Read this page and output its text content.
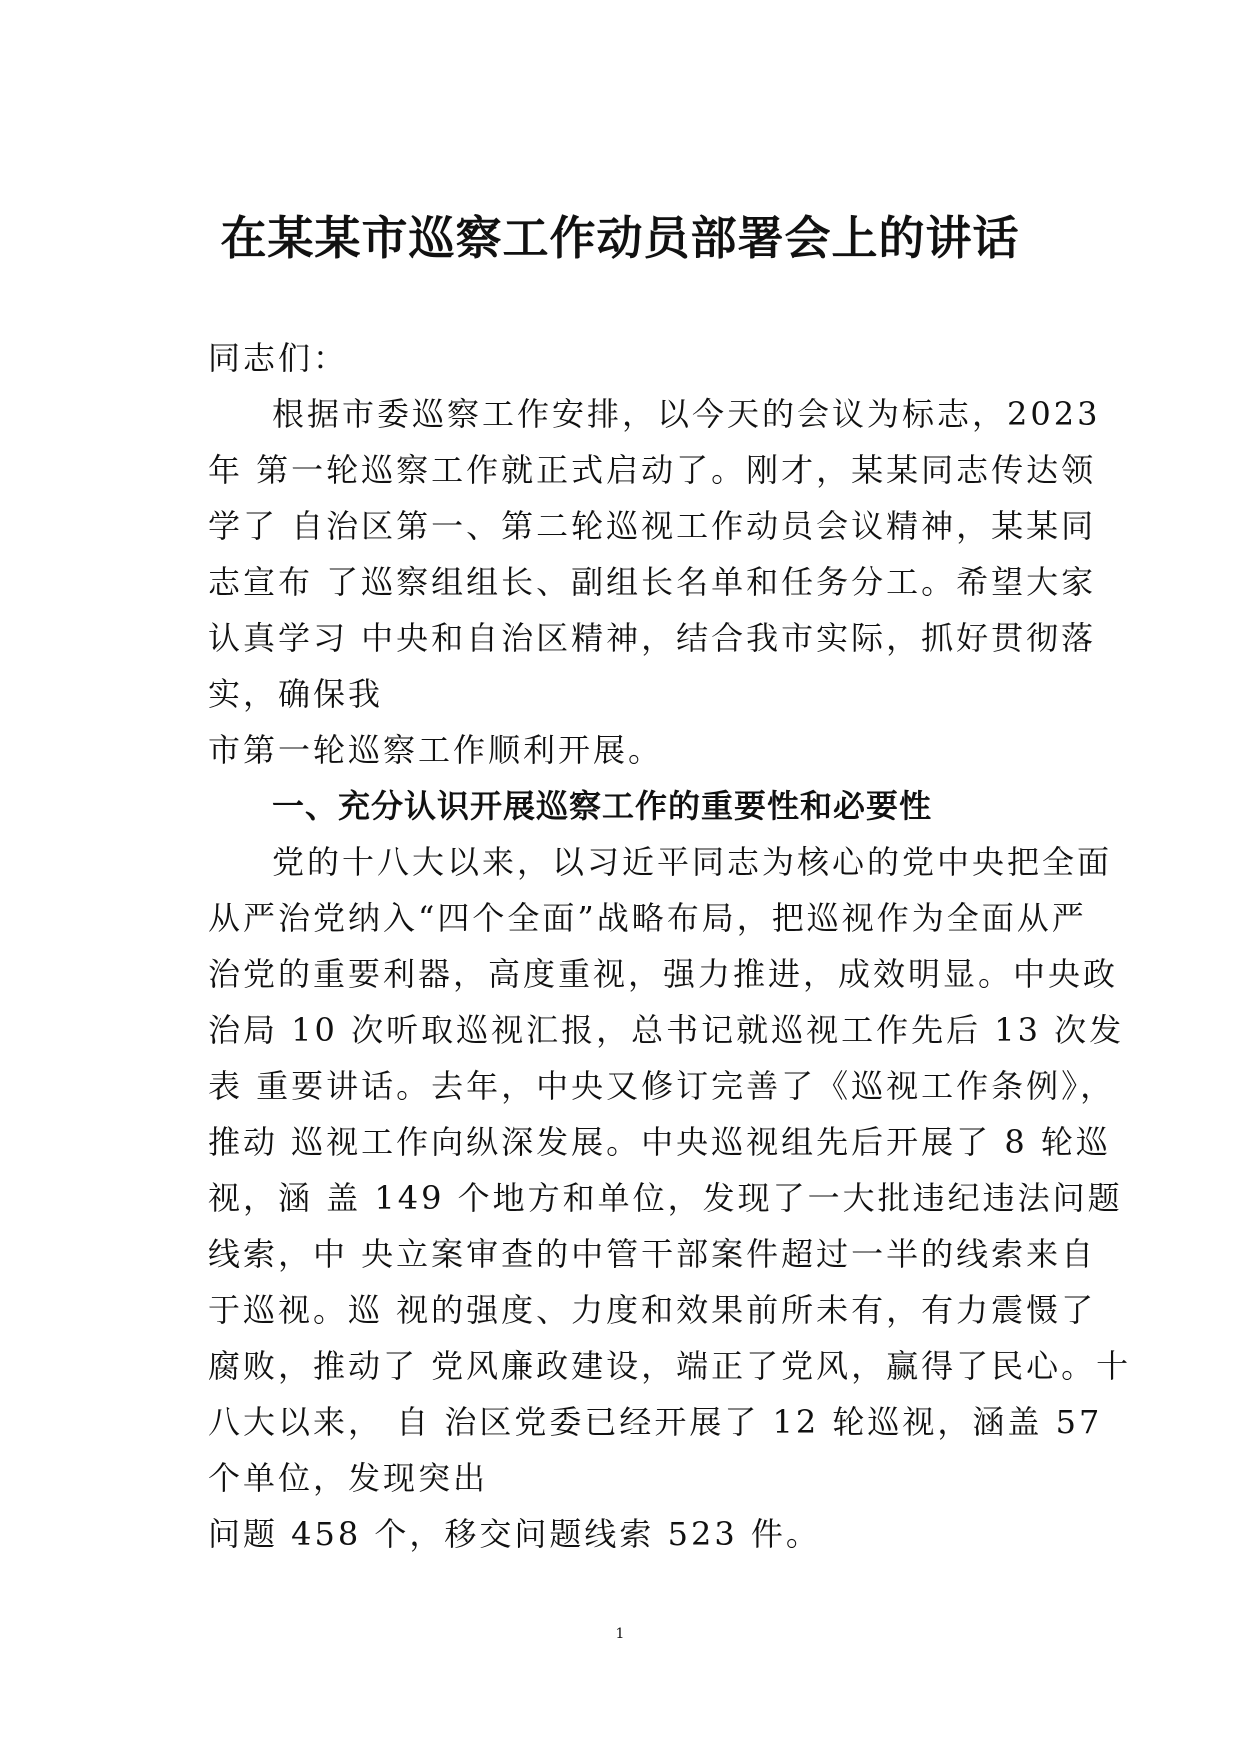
在某某市巡察工作动员部署会上的讲话
同志们：
根据市委巡察工作安排，以今天的会议为标志，2023
年 第一轮巡察工作就正式启动了。刚才，某某同志传达领
学了 自治区第一、第二轮巡视工作动员会议精神，某某同
志宣布 了巡察组组长、副组长名单和任务分工。希望大家
认真学习 中央和自治区精神，结合我市实际，抓好贯彻落
实，确保我
市第一轮巡察工作顺利开展。
一、充分认识开展巡察工作的重要性和必要性
党的十八大以来，以习近平同志为核心的党中央把全面
从严治党纳入“四个全面”战略布局，把巡视作为全面从严
治党的重要利器，高度重视，强力推进，成效明显。中央政
治局 10 次听取巡视汇报，总书记就巡视工作先后 13 次发
表 重要讲话。去年，中央又修订完善了《巡视工作条例》，
推动 巡视工作向纵深发展。中央巡视组先后开展了 8 轮巡
视，涵 盖 149 个地方和单位，发现了一大批违纪违法问题
线索，中 央立案审查的中管干部案件超过一半的线索来自
于巡视。巡 视的强度、力度和效果前所未有，有力震慑了
腐败，推动了 党风廉政建设，端正了党风，赢得了民心。十
八大以来， 自 治区党委已经开展了 12 轮巡视，涵盖 57
个单位，发现突出
问题 458 个，移交问题线索 523 件。
1
